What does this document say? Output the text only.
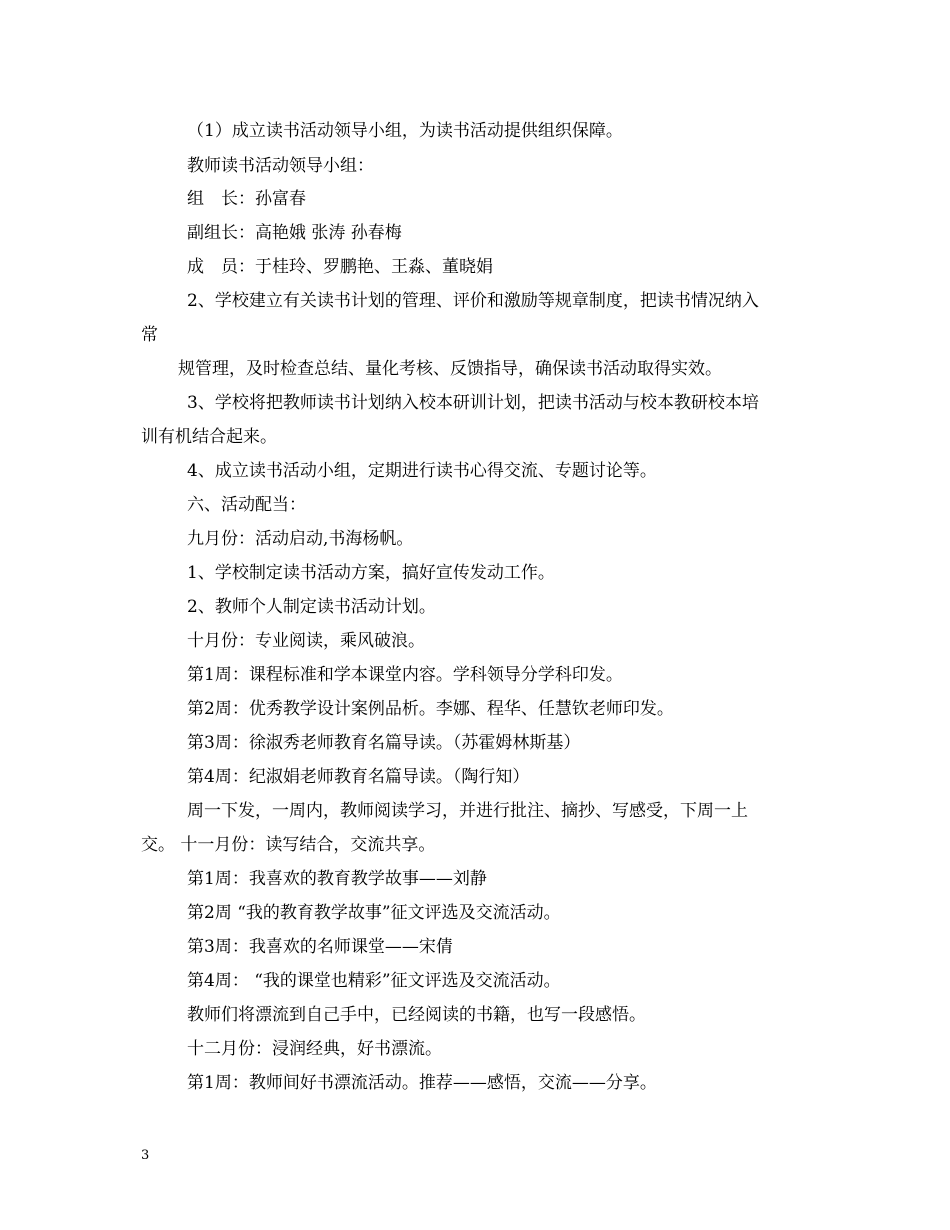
（1）成立读书活动领导小组，为读书活动提供组织保障。
教师读书活动领导小组：
组　长：孙富春
副组长：高艳娥 张涛 孙春梅
成　员：于桂玲、罗鹏艳、王淼、董晓娟
2、学校建立有关读书计划的管理、评价和激励等规章制度，把读书情况纳入
常
规管理，及时检查总结、量化考核、反馈指导，确保读书活动取得实效。
3、学校将把教师读书计划纳入校本研训计划，把读书活动与校本教研校本培
训有机结合起来。
4、成立读书活动小组，定期进行读书心得交流、专题讨论等。
六、活动配当：
九月份：活动启动,书海杨帆。
1、学校制定读书活动方案，搞好宣传发动工作。
2、教师个人制定读书活动计划。
十月份：专业阅读，乘风破浪。
第1周：课程标准和学本课堂内容。学科领导分学科印发。
第2周：优秀教学设计案例品析。李娜、程华、任慧钦老师印发。
第3周：徐淑秀老师教育名篇导读。（苏霍姆林斯基）
第4周：纪淑娟老师教育名篇导读。（陶行知）
周一下发，一周内，教师阅读学习，并进行批注、摘抄、写感受，下周一上
交。 十一月份：读写结合，交流共享。
第1周：我喜欢的教育教学故事——刘静
第2周 “我的教育教学故事”征文评选及交流活动。
第3周：我喜欢的名师课堂——宋倩
第4周： “我的课堂也精彩”征文评选及交流活动。
教师们将漂流到自己手中，已经阅读的书籍，也写一段感悟。
十二月份：浸润经典，好书漂流。
第1周：教师间好书漂流活动。推荐——感悟，交流——分享。
3
